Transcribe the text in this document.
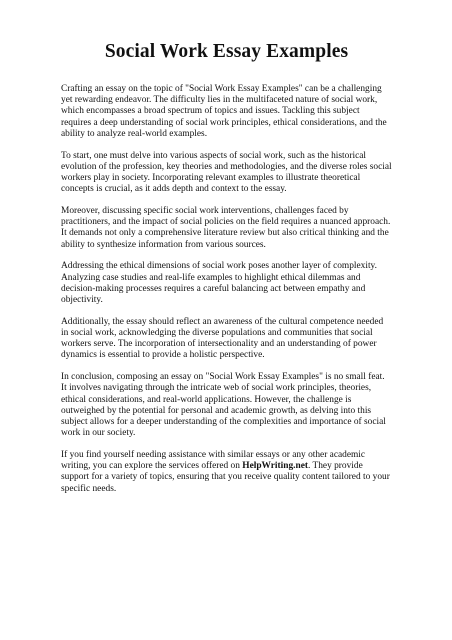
Social Work Essay Examples

Crafting an essay on the topic of "Social Work Essay Examples" can be a challenging yet rewarding endeavor. The difficulty lies in the multifaceted nature of social work, which encompasses a broad spectrum of topics and issues. Tackling this subject requires a deep understanding of social work principles, ethical considerations, and the ability to analyze real-world examples.

To start, one must delve into various aspects of social work, such as the historical evolution of the profession, key theories and methodologies, and the diverse roles social workers play in society. Incorporating relevant examples to illustrate theoretical concepts is crucial, as it adds depth and context to the essay.

Moreover, discussing specific social work interventions, challenges faced by practitioners, and the impact of social policies on the field requires a nuanced approach. It demands not only a comprehensive literature review but also critical thinking and the ability to synthesize information from various sources.

Addressing the ethical dimensions of social work poses another layer of complexity. Analyzing case studies and real-life examples to highlight ethical dilemmas and decision-making processes requires a careful balancing act between empathy and objectivity.

Additionally, the essay should reflect an awareness of the cultural competence needed in social work, acknowledging the diverse populations and communities that social workers serve. The incorporation of intersectionality and an understanding of power dynamics is essential to provide a holistic perspective.

In conclusion, composing an essay on "Social Work Essay Examples" is no small feat. It involves navigating through the intricate web of social work principles, theories, ethical considerations, and real-world applications. However, the challenge is outweighed by the potential for personal and academic growth, as delving into this subject allows for a deeper understanding of the complexities and importance of social work in our society.

If you find yourself needing assistance with similar essays or any other academic writing, you can explore the services offered on HelpWriting.net. They provide support for a variety of topics, ensuring that you receive quality content tailored to your specific needs.
